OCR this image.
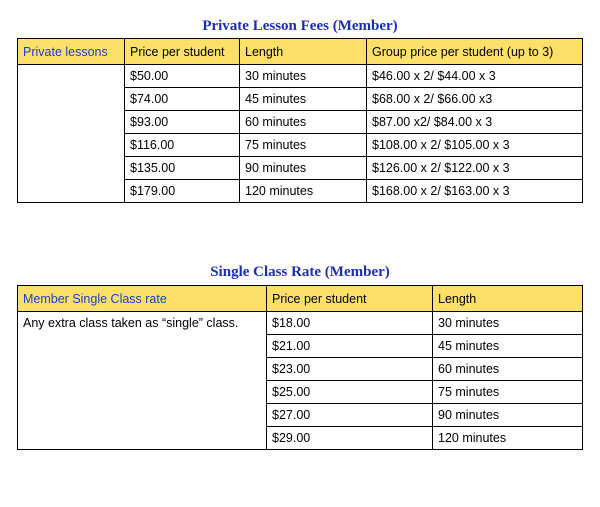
Private Lesson Fees (Member)
Private lessons	Price per student	Length	Group price per student (up to 3)
	$50.00	30 minutes	$46.00 x 2/ $44.00 x 3
	$74.00	45 minutes	$68.00 x 2/ $66.00 x3
	$93.00	60 minutes	$87.00 x2/ $84.00 x 3
	$116.00	75 minutes	$108.00 x 2/ $105.00 x 3
	$135.00	90 minutes	$126.00 x 2/ $122.00 x 3
	$179.00	120 minutes	$168.00 x 2/ $163.00 x 3
Single Class Rate (Member)
Member Single Class rate	Price per student	Length
Any extra class taken as “single” class.	$18.00	30 minutes
	$21.00	45 minutes
	$23.00	60 minutes
	$25.00	75 minutes
	$27.00	90 minutes
	$29.00	120 minutes
